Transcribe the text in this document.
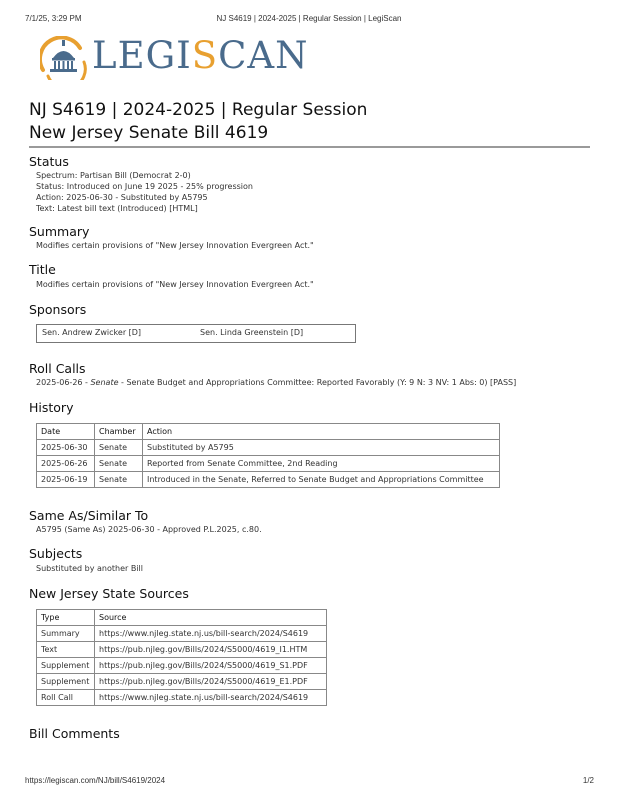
7/1/25, 3:29 PM	NJ S4619 | 2024-2025 | Regular Session | LegiScan
LEGISCAN
NJ S4619 | 2024-2025 | Regular Session
New Jersey Senate Bill 4619
Status
Spectrum: Partisan Bill (Democrat 2-0)
Status: Introduced on June 19 2025 - 25% progression
Action: 2025-06-30 - Substituted by A5795
Text: Latest bill text (Introduced) [HTML]
Summary
Modifies certain provisions of "New Jersey Innovation Evergreen Act."
Title
Modifies certain provisions of "New Jersey Innovation Evergreen Act."
Sponsors
Sen. Andrew Zwicker [D]	Sen. Linda Greenstein [D]
Roll Calls
2025-06-26 - Senate - Senate Budget and Appropriations Committee: Reported Favorably (Y: 9 N: 3 NV: 1 Abs: 0) [PASS]
History
Date	Chamber	Action
2025-06-30	Senate	Substituted by A5795
2025-06-26	Senate	Reported from Senate Committee, 2nd Reading
2025-06-19	Senate	Introduced in the Senate, Referred to Senate Budget and Appropriations Committee
Same As/Similar To
A5795 (Same As) 2025-06-30 - Approved P.L.2025, c.80.
Subjects
Substituted by another Bill
New Jersey State Sources
Type	Source
Summary	https://www.njleg.state.nj.us/bill-search/2024/S4619
Text	https://pub.njleg.gov/Bills/2024/S5000/4619_I1.HTM
Supplement	https://pub.njleg.gov/Bills/2024/S5000/4619_S1.PDF
Supplement	https://pub.njleg.gov/Bills/2024/S5000/4619_E1.PDF
Roll Call	https://www.njleg.state.nj.us/bill-search/2024/S4619
Bill Comments
https://legiscan.com/NJ/bill/S4619/2024	1/2
